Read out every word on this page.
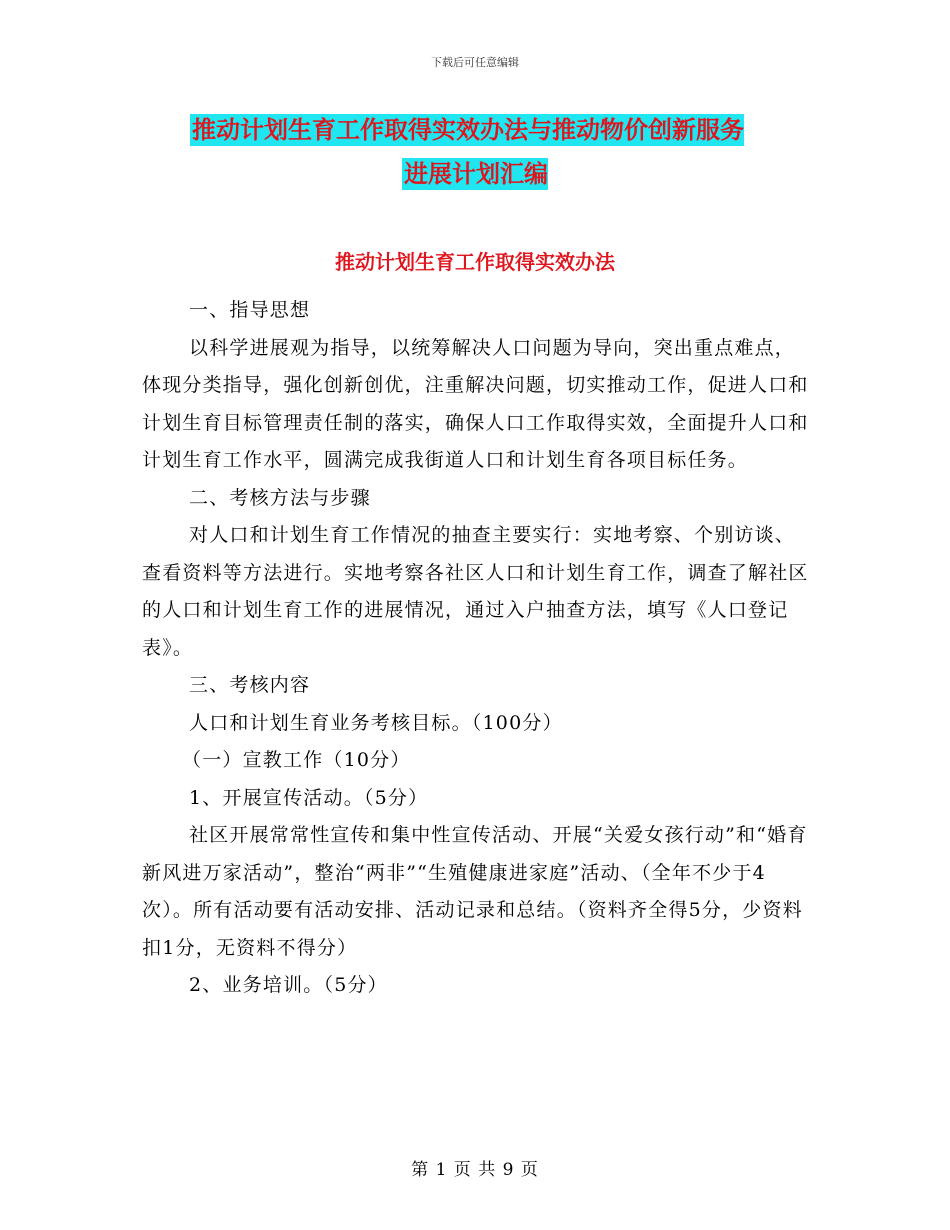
下载后可任意编辑
推动计划生育工作取得实效办法与推动物价创新服务
进展计划汇编
推动计划生育工作取得实效办法

一、指导思想

以科学进展观为指导，以统筹解决人口问题为导向，突出重点难点，体现分类指导，强化创新创优，注重解决问题，切实推动工作，促进人口和计划生育目标管理责任制的落实，确保人口工作取得实效，全面提升人口和计划生育工作水平，圆满完成我街道人口和计划生育各项目标任务。

二、考核方法与步骤

对人口和计划生育工作情况的抽查主要实行：实地考察、个别访谈、查看资料等方法进行。实地考察各社区人口和计划生育工作，调查了解社区的人口和计划生育工作的进展情况，通过入户抽查方法，填写《人口登记表》。

三、考核内容

人口和计划生育业务考核目标。（100分）

（一）宣教工作（10分）

1、开展宣传活动。（5分）

社区开展常常性宣传和集中性宣传活动、开展“关爱女孩行动”和“婚育新风进万家活动”，整治“两非”“生殖健康进家庭”活动、（全年不少于4次）。所有活动要有活动安排、活动记录和总结。（资料齐全得5分，少资料扣1分，无资料不得分）

2、业务培训。（5分）

第 1 页 共 9 页
